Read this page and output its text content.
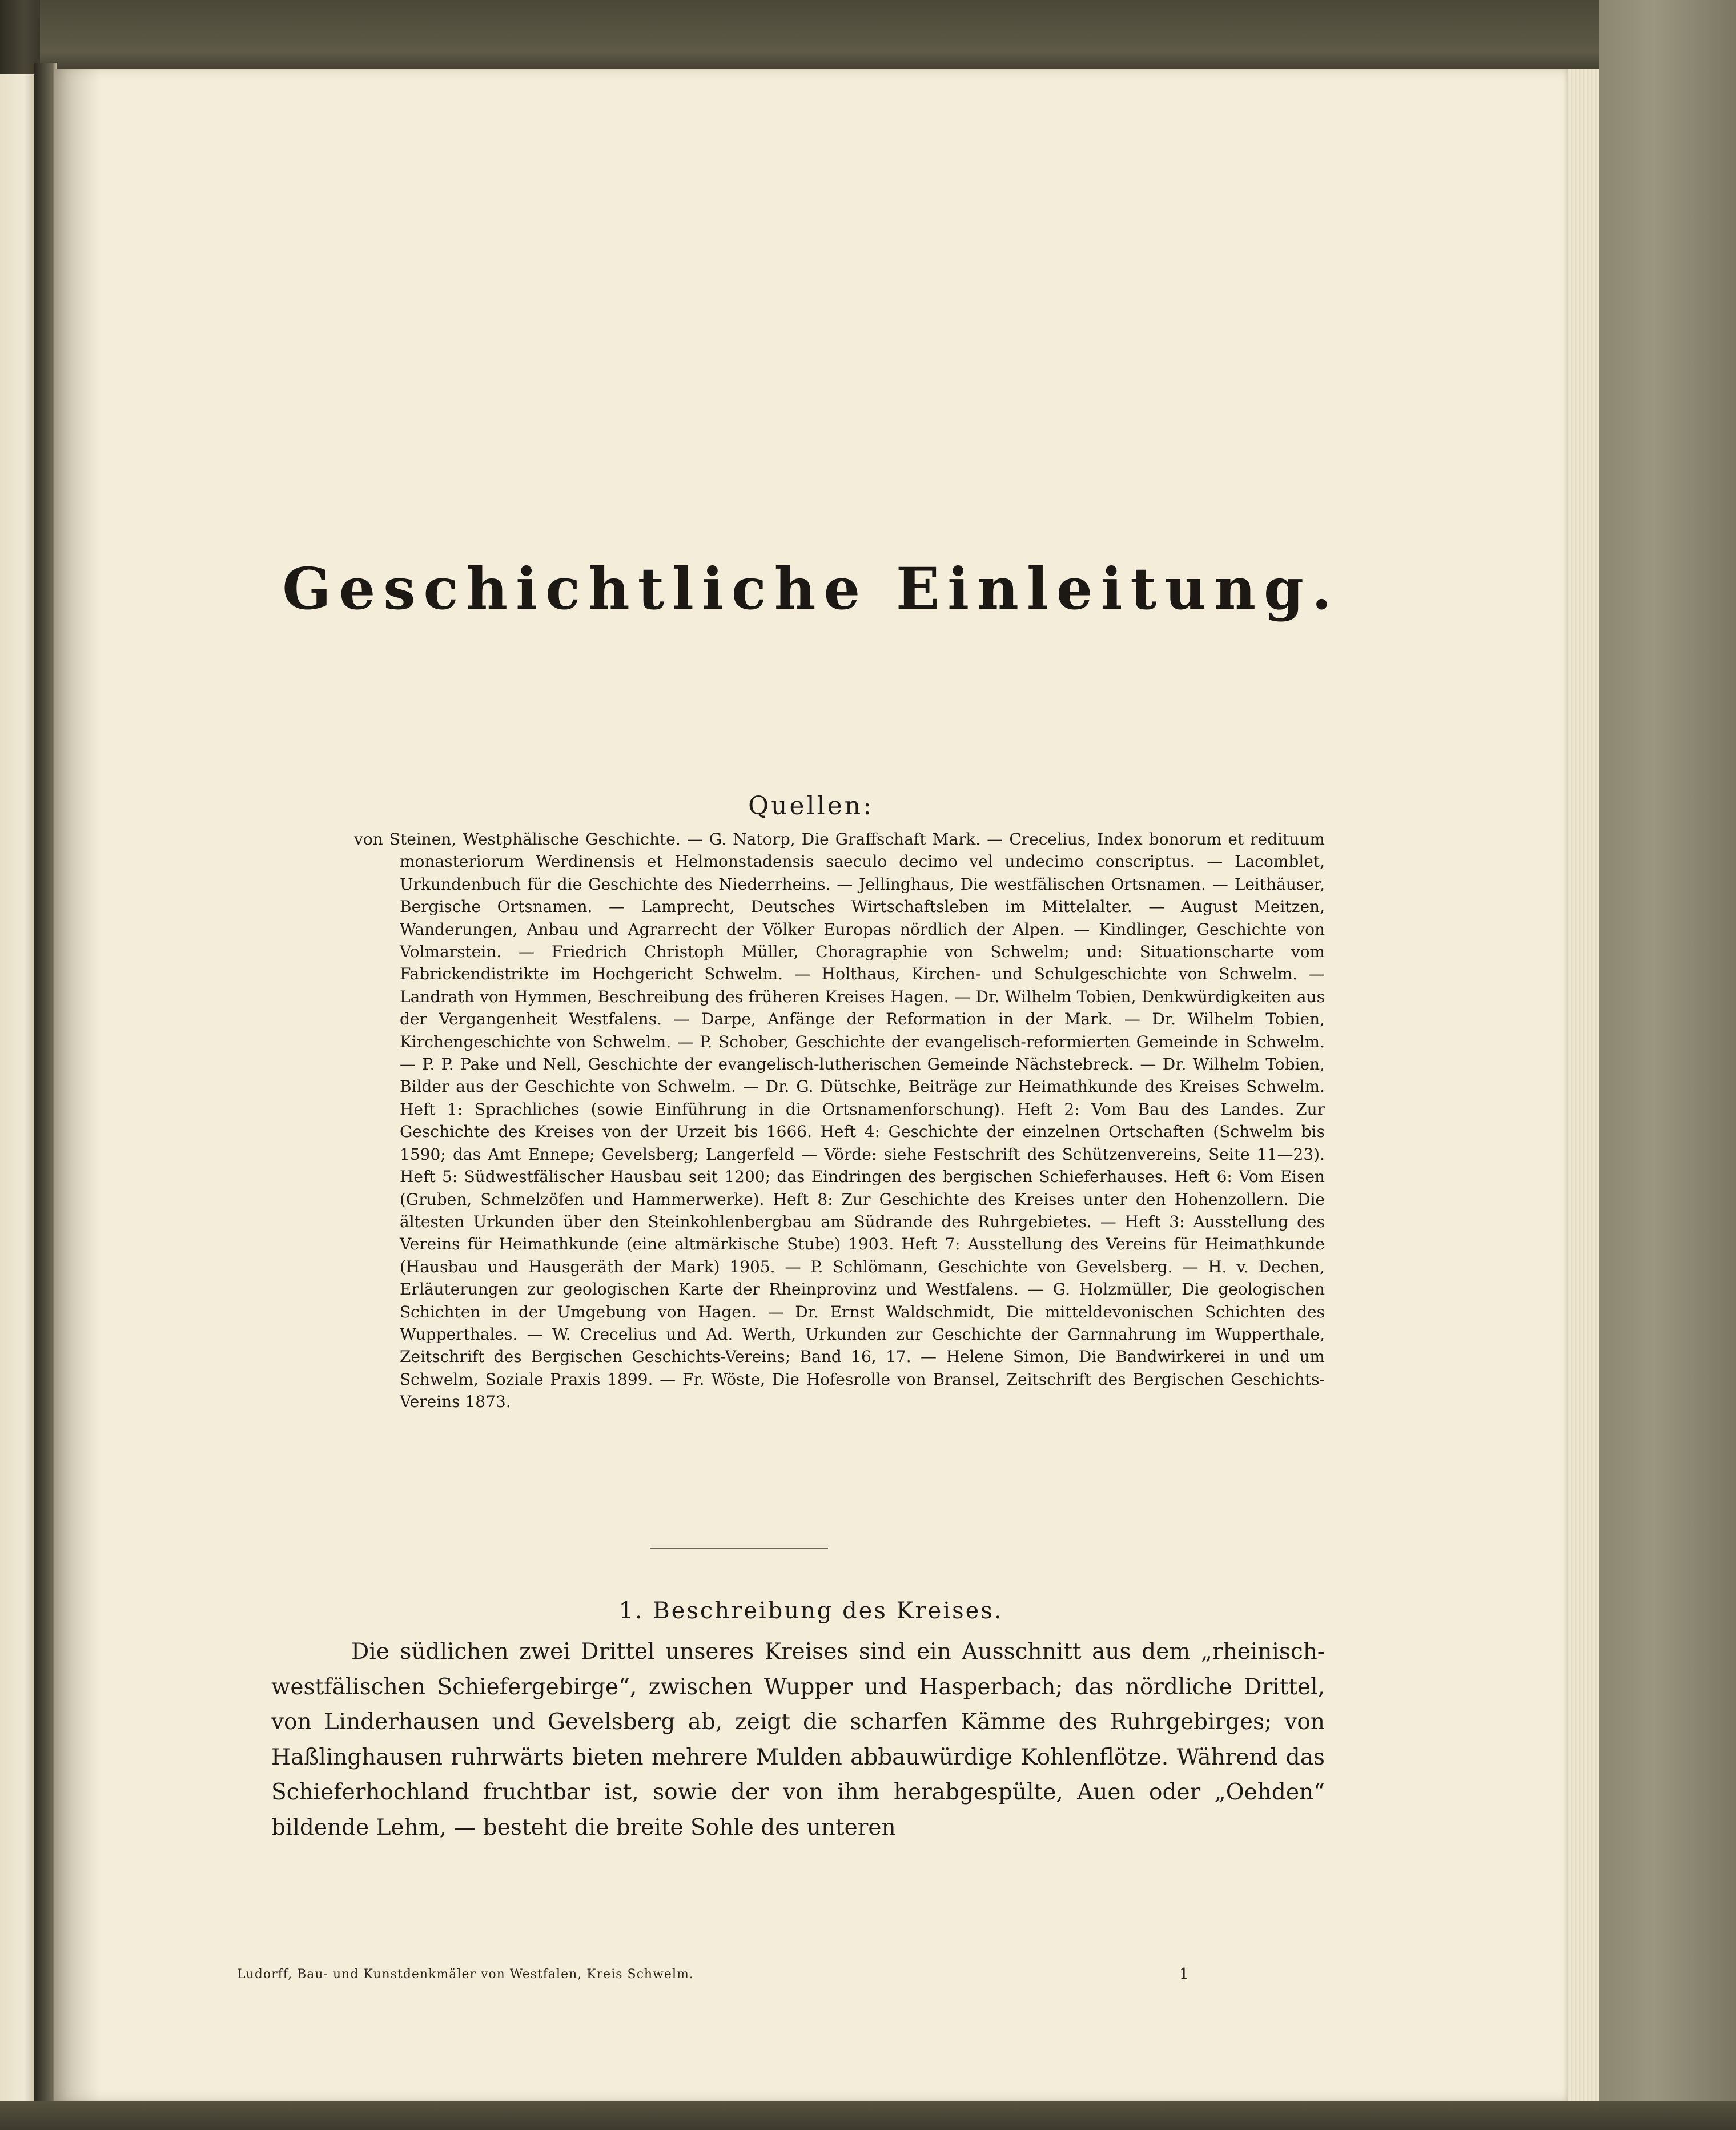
Geschichtliche Einleitung.
Quellen:
von Steinen, Westphälische Geschichte. — G. Natorp, Die Graffschaft Mark. — Crecelius, Index bonorum et redituum monasteriorum Werdinensis et Helmonstadensis saeculo decimo vel undecimo conscriptus. — Lacomblet, Urkundenbuch für die Geschichte des Niederrheins. — Jellinghaus, Die westfälischen Ortsnamen. — Leithäuser, Bergische Ortsnamen. — Lamprecht, Deutsches Wirtschaftsleben im Mittelalter. — August Meitzen, Wanderungen, Anbau und Agrarrecht der Völker Europas nördlich der Alpen. — Kindlinger, Geschichte von Volmarstein. — Friedrich Christoph Müller, Choragraphie von Schwelm; und: Situationscharte vom Fabrickendistrikte im Hochgericht Schwelm. — Holthaus, Kirchen- und Schulgeschichte von Schwelm. — Landrath von Hymmen, Beschreibung des früheren Kreises Hagen. — Dr. Wilhelm Tobien, Denkwürdigkeiten aus der Vergangenheit Westfalens. — Darpe, Anfänge der Reformation in der Mark. — Dr. Wilhelm Tobien, Kirchengeschichte von Schwelm. — P. Schober, Geschichte der evangelisch-reformierten Gemeinde in Schwelm. — P. P. Pake und Nell, Geschichte der evangelisch-lutherischen Gemeinde Nächstebreck. — Dr. Wilhelm Tobien, Bilder aus der Geschichte von Schwelm. — Dr. G. Dütschke, Beiträge zur Heimathkunde des Kreises Schwelm. Heft 1: Sprachliches (sowie Einführung in die Ortsnamenforschung). Heft 2: Vom Bau des Landes. Zur Geschichte des Kreises von der Urzeit bis 1666. Heft 4: Geschichte der einzelnen Ortschaften (Schwelm bis 1590; das Amt Ennepe; Gevelsberg; Langerfeld — Vörde: siehe Festschrift des Schützenvereins, Seite 11—23). Heft 5: Südwestfälischer Hausbau seit 1200; das Eindringen des bergischen Schieferhauses. Heft 6: Vom Eisen (Gruben, Schmelzöfen und Hammerwerke). Heft 8: Zur Geschichte des Kreises unter den Hohenzollern. Die ältesten Urkunden über den Steinkohlenbergbau am Südrande des Ruhrgebietes. — Heft 3: Ausstellung des Vereins für Heimathkunde (eine altmärkische Stube) 1903. Heft 7: Ausstellung des Vereins für Heimathkunde (Hausbau und Hausgeräth der Mark) 1905. — P. Schlömann, Geschichte von Gevelsberg. — H. v. Dechen, Erläuterungen zur geologischen Karte der Rheinprovinz und Westfalens. — G. Holzmüller, Die geologischen Schichten in der Umgebung von Hagen. — Dr. Ernst Waldschmidt, Die mitteldevonischen Schichten des Wupperthales. — W. Crecelius und Ad. Werth, Urkunden zur Geschichte der Garnnahrung im Wupperthale, Zeitschrift des Bergischen Geschichts-Vereins; Band 16, 17. — Helene Simon, Die Bandwirkerei in und um Schwelm, Soziale Praxis 1899. — Fr. Wöste, Die Hofesrolle von Bransel, Zeitschrift des Bergischen Geschichts-Vereins 1873.
1. Beschreibung des Kreises.
Die südlichen zwei Drittel unseres Kreises sind ein Ausschnitt aus dem „rheinisch-westfälischen Schiefergebirge“, zwischen Wupper und Hasperbach; das nördliche Drittel, von Linderhausen und Gevelsberg ab, zeigt die scharfen Kämme des Ruhrgebirges; von Haßlinghausen ruhrwärts bieten mehrere Mulden abbauwürdige Kohlenflötze. Während das Schieferhochland fruchtbar ist, sowie der von ihm herabgespülte, Auen oder „Oehden“ bildende Lehm, — besteht die breite Sohle des unteren
Ludorff, Bau- und Kunstdenkmäler von Westfalen, Kreis Schwelm.	1
